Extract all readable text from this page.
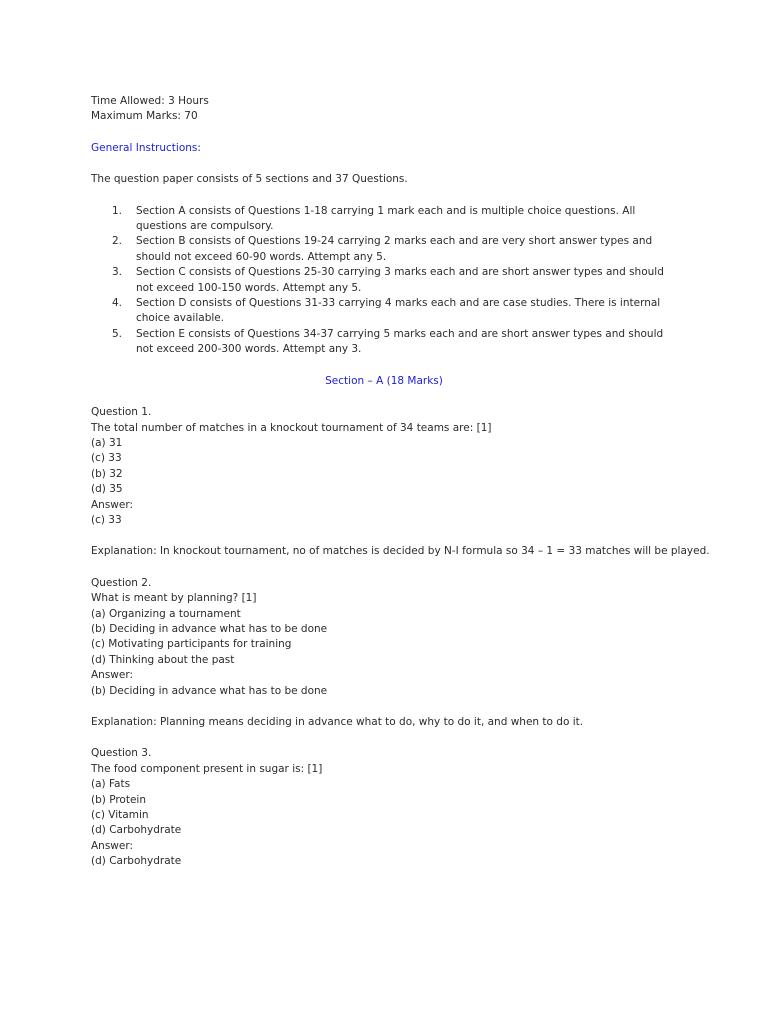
Time Allowed: 3 Hours
Maximum Marks: 70
General Instructions:
The question paper consists of 5 sections and 37 Questions.
1. Section A consists of Questions 1-18 carrying 1 mark each and is multiple choice questions. All questions are compulsory.
2. Section B consists of Questions 19-24 carrying 2 marks each and are very short answer types and should not exceed 60-90 words. Attempt any 5.
3. Section C consists of Questions 25-30 carrying 3 marks each and are short answer types and should not exceed 100-150 words. Attempt any 5.
4. Section D consists of Questions 31-33 carrying 4 marks each and are case studies. There is internal choice available.
5. Section E consists of Questions 34-37 carrying 5 marks each and are short answer types and should not exceed 200-300 words. Attempt any 3.
Section – A (18 Marks)
Question 1.
The total number of matches in a knockout tournament of 34 teams are: [1]
(a) 31
(c) 33
(b) 32
(d) 35
Answer:
(c) 33
Explanation: In knockout tournament, no of matches is decided by N-I formula so 34 – 1 = 33 matches will be played.
Question 2.
What is meant by planning? [1]
(a) Organizing a tournament
(b) Deciding in advance what has to be done
(c) Motivating participants for training
(d) Thinking about the past
Answer:
(b) Deciding in advance what has to be done
Explanation: Planning means deciding in advance what to do, why to do it, and when to do it.
Question 3.
The food component present in sugar is: [1]
(a) Fats
(b) Protein
(c) Vitamin
(d) Carbohydrate
Answer:
(d) Carbohydrate
